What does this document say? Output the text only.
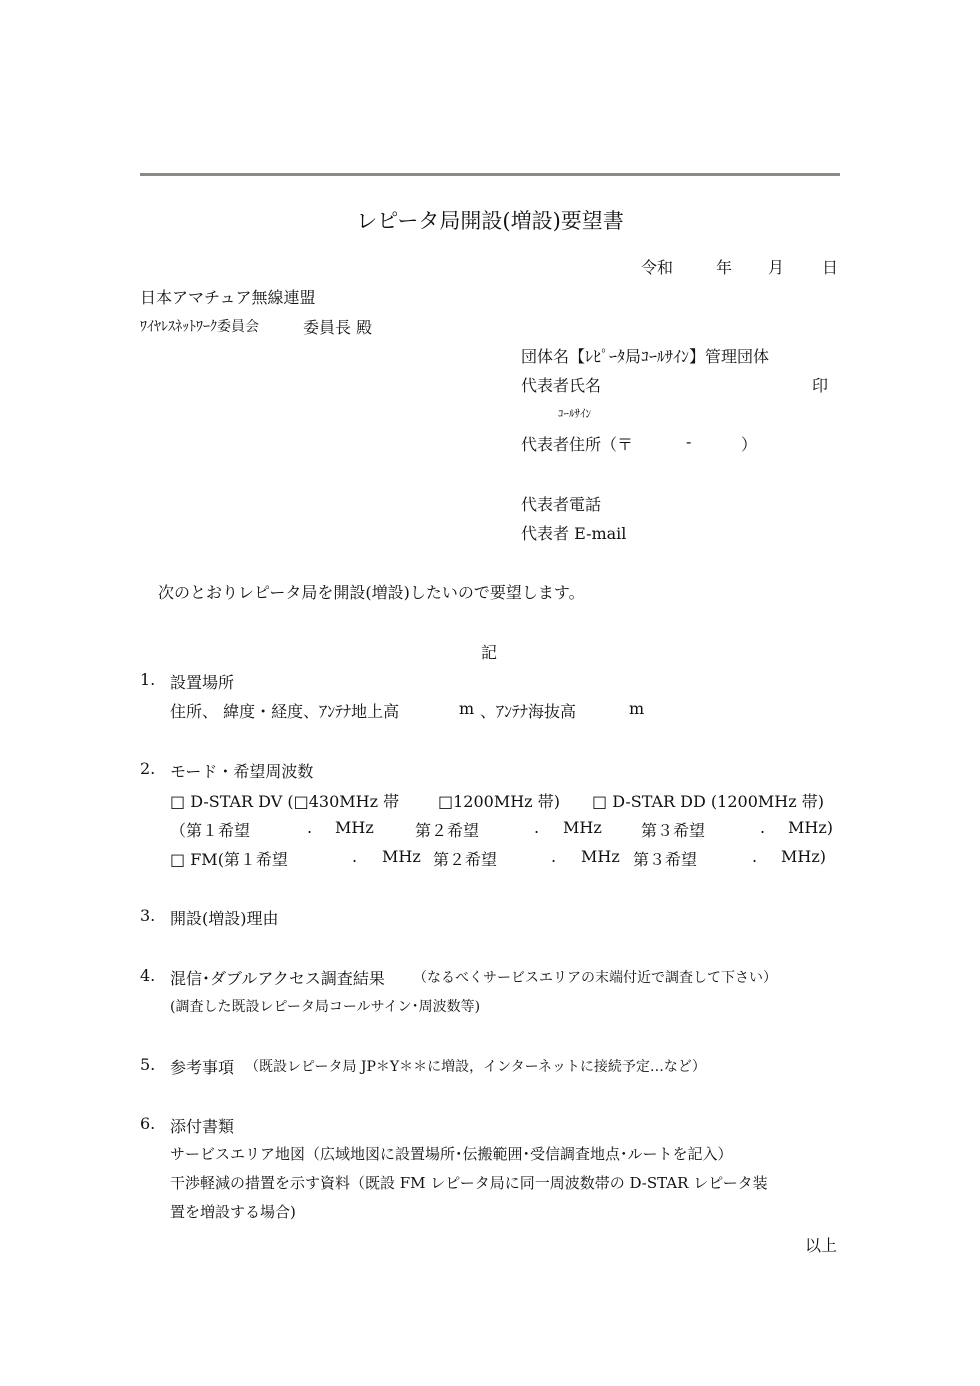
レピータ局開設(増設)要望書
令和	年 月 日
日本アマチュア無線連盟
ﾜｲﾔﾚｽﾈｯﾄﾜｰｸ委員会	委員長 殿
団体名【ﾚﾋﾟｰﾀ局ｺｰﾙｻｲﾝ】管理団体
代表者氏名	印
ｺｰﾙｻｲﾝ
代表者住所（〒	-	）
代表者電話
代表者 E-mail
次のとおりレピータ局を開設(増設)したいので要望します。
記
1. 設置場所
住所、 緯度・経度、ｱﾝﾃﾅ地上高	m 、ｱﾝﾃﾅ海抜高	m
2. モード・希望周波数
□ D-STAR DV (□430MHz 帯 □1200MHz 帯) □ D-STAR DD (1200MHz 帯)
（第１希望	. MHz	第２希望	. MHz 第３希望	. MHz)
□ FM(第１希望	. MHz 第２希望	. MHz 第３希望	. MHz)
3. 開設(増設)理由
4. 混信･ダブルアクセス調査結果 （なるべくサービスエリアの末端付近で調査して下さい）
(調査した既設レピータ局コールサイン･周波数等)
5. 参考事項 （既設レピータ局 JP＊Y＊＊に増設，インターネットに接続予定…など）
6. 添付書類
サービスエリア地図（広域地図に設置場所･伝搬範囲･受信調査地点･ルートを記入）
干渉軽減の措置を示す資料（既設 FM レピータ局に同一周波数帯の D-STAR レピータ装
置を増設する場合)
以上
